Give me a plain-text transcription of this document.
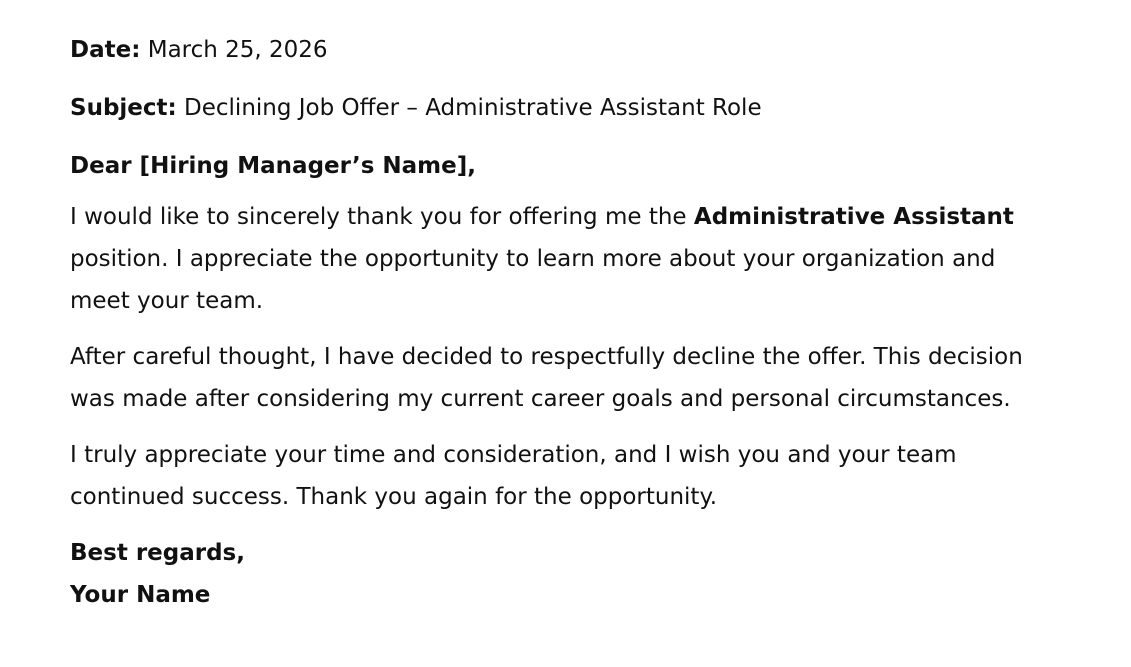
Date: March 25, 2026

Subject: Declining Job Offer – Administrative Assistant Role

Dear [Hiring Manager’s Name],

I would like to sincerely thank you for offering me the Administrative Assistant

position. I appreciate the opportunity to learn more about your organization and

meet your team.

After careful thought, I have decided to respectfully decline the offer. This decision

was made after considering my current career goals and personal circumstances.

I truly appreciate your time and consideration, and I wish you and your team

continued success. Thank you again for the opportunity.

Best regards,

Your Name
